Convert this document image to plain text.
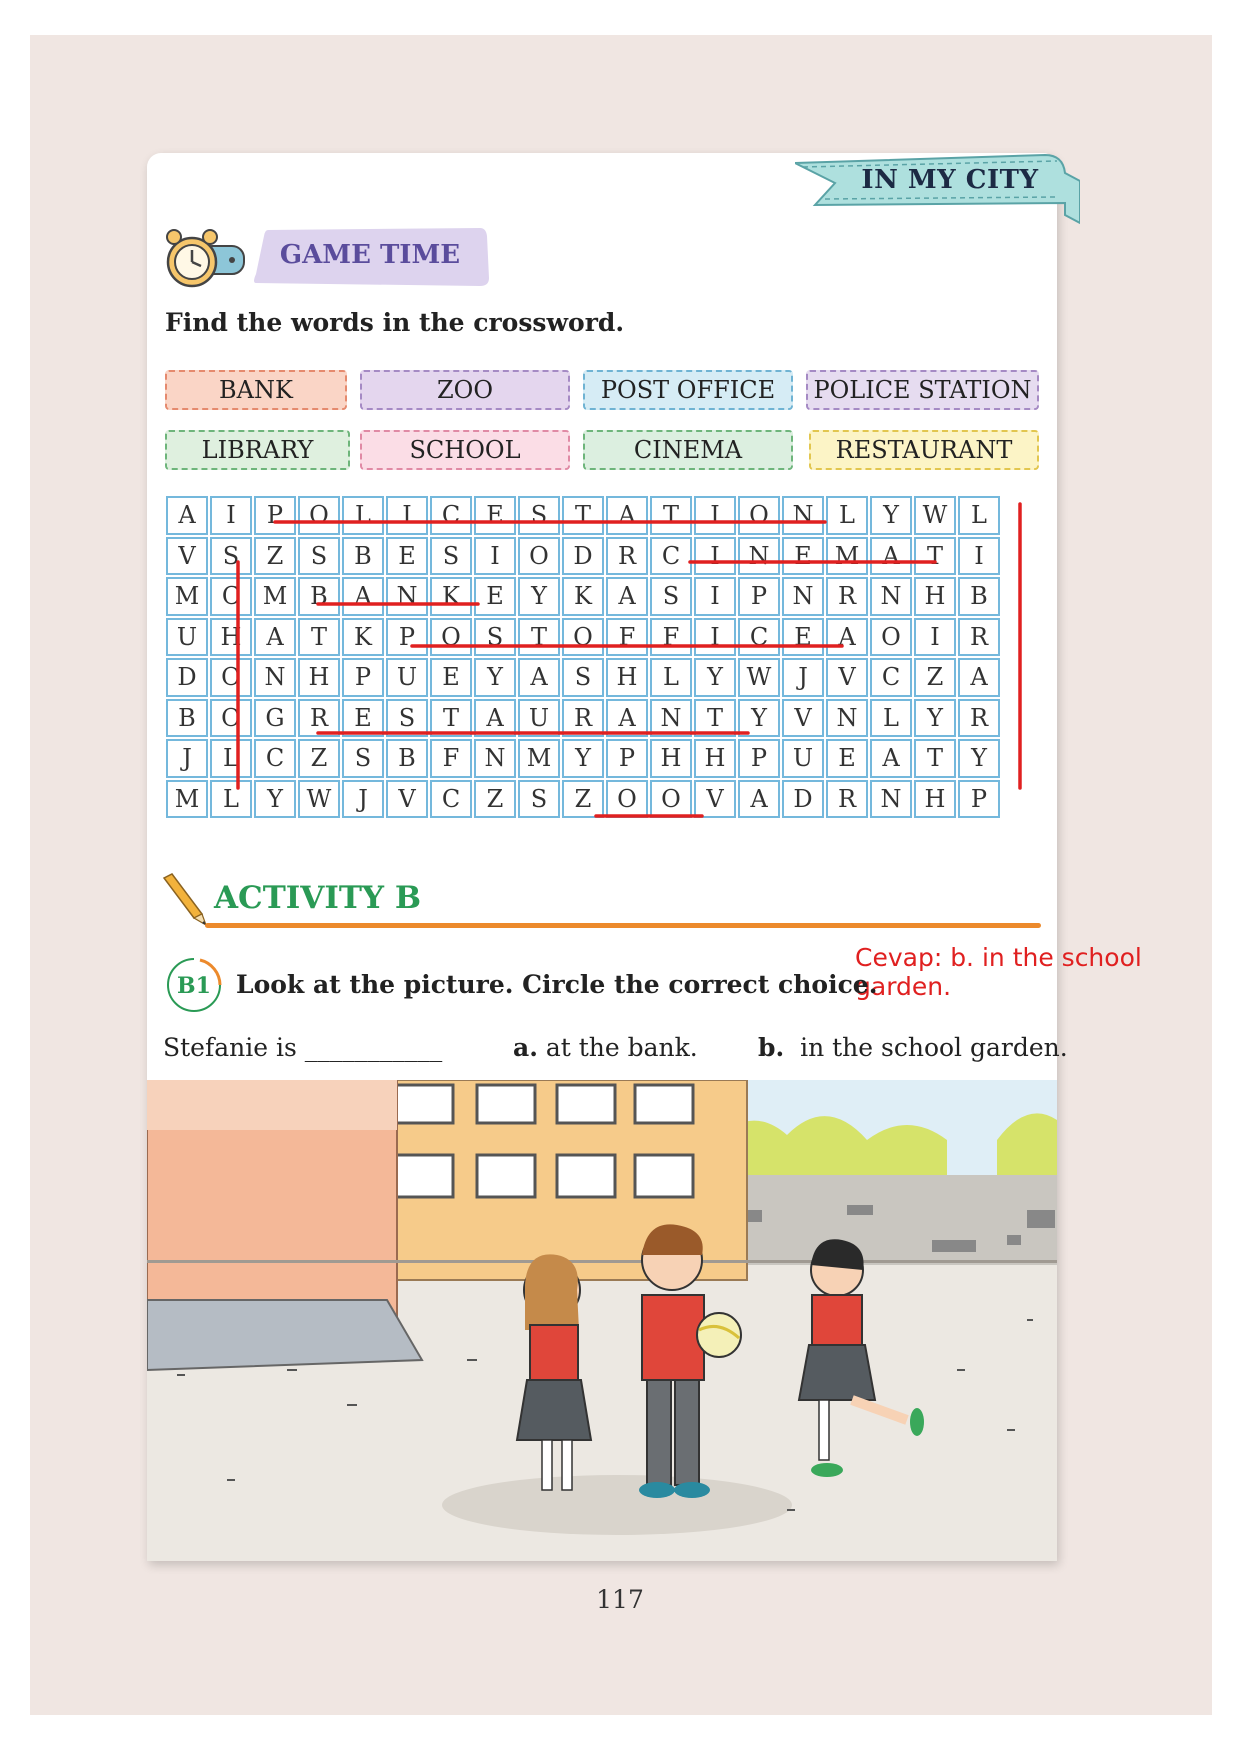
IN MY CITY
GAME TIME
Find the words in the crossword.
BANK	ZOO	POST OFFICE	POLICE STATION
LIBRARY	SCHOOL	CINEMA	RESTAURANT
A	I	P	O	L	I	C	E	S	T	A	T	I	O	N	L	Y	W	L
V	S	Z	S	B	E	S	I	O	D	R	C	I	N	E	M	A	T	I
M	C	M	B	A	N	K	E	Y	K	A	S	I	P	N	R	N	H	B
U	H	A	T	K	P	O	S	T	O	F	F	I	C	E	A	O	I	R
D	O	N	H	P	U	E	Y	A	S	H	L	Y	W	J	V	C	Z	A
B	O	G	R	E	S	T	A	U	R	A	N	T	Y	V	N	L	Y	R
J	L	C	Z	S	B	F	N	M	Y	P	H	H	P	U	E	A	T	Y
M	L	Y	W	J	V	C	Z	S	Z	O	O	V	A	D	R	N	H	P
ACTIVITY B
Cevap: b. in the school garden.
B1 Look at the picture. Circle the correct choice.
Stefanie is ___________	a. at the bank. b. in the school garden.
117
